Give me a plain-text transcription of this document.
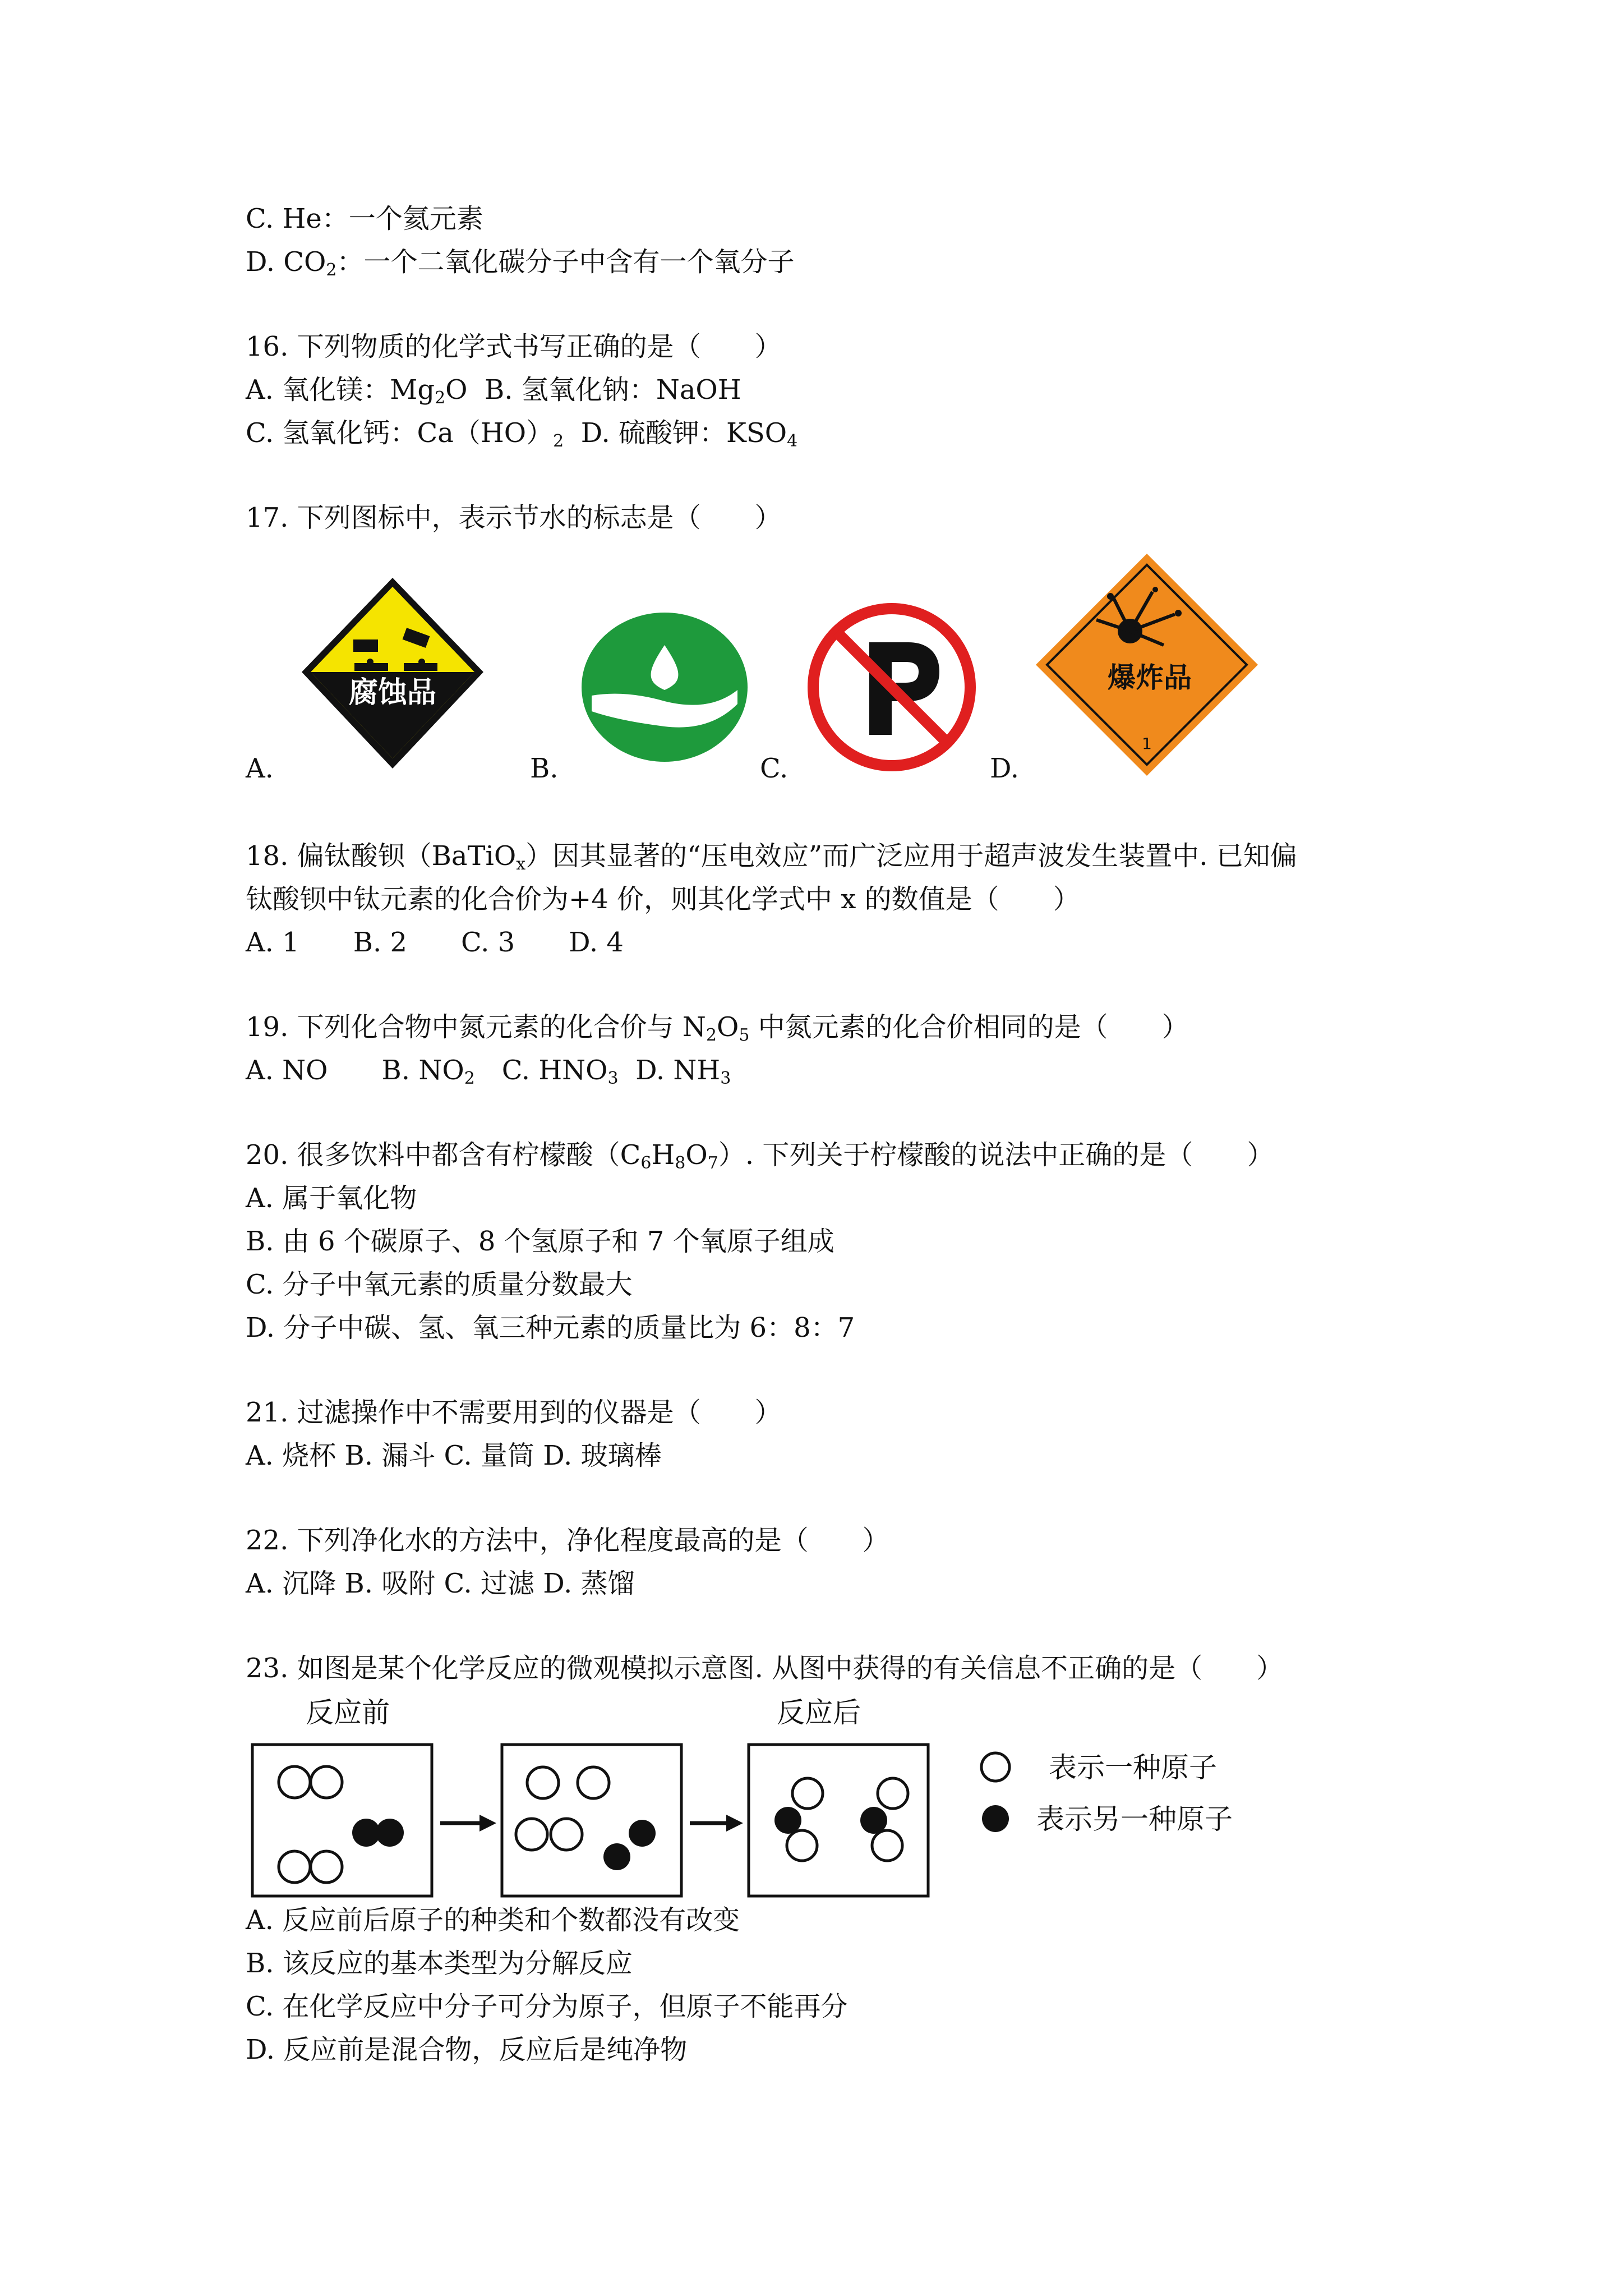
C. He：一个氦元素
D. $CO_2$：一个二氧化碳分子中含有一个氧分子
16. 下列物质的化学式书写正确的是（　　）
A. 氧化镁：$Mg_2O$  B. 氢氧化钠：NaOH
C. 氢氧化钙：$Ca(HO)_2$  D. 硫酸钾：$KSO_4$
17. 下列图标中，表示节水的标志是（　　）
A.
腐蚀品
B.	C.	D.
爆炸品
1
18. 偏钛酸钡（BaTiO$_x$）因其显著的“压电效应”而广泛应用于超声波发生装置中. 已知偏
钛酸钡中钛元素的化合价为+4 价，则其化学式中 x 的数值是（　　）
A. 1　　B. 2　　C. 3　　D. 4
19. 下列化合物中氮元素的化合价与 $N_2O_5$ 中氮元素的化合价相同的是（　　）
A. NO　　B. $NO_2$　C. $HNO_3$  D. $NH_3$
20. 很多饮料中都含有柠檬酸$(C_6H_8O_7)$. 下列关于柠檬酸的说法中正确的是（　　）
A. 属于氧化物
B. 由 6 个碳原子、8 个氢原子和 7 个氧原子组成
C. 分子中氧元素的质量分数最大
D. 分子中碳、氢、氧三种元素的质量比为 6：8：7
21. 过滤操作中不需要用到的仪器是（　　）
A. 烧杯 B. 漏斗 C. 量筒 D. 玻璃棒
22. 下列净化水的方法中，净化程度最高的是（　　）
A. 沉降 B. 吸附 C. 过滤 D. 蒸馏
23. 如图是某个化学反应的微观模拟示意图. 从图中获得的有关信息不正确的是（　　）
反应前	反应后
表示一种原子
表示另一种原子
A. 反应前后原子的种类和个数都没有改变
B. 该反应的基本类型为分解反应
C. 在化学反应中分子可分为原子，但原子不能再分
D. 反应前是混合物，反应后是纯净物
